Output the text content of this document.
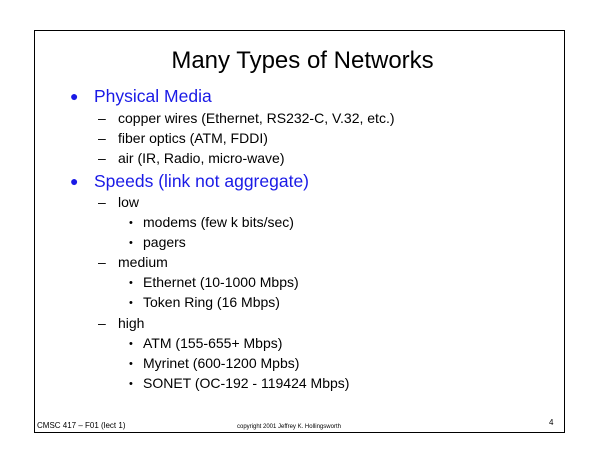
Many Types of Networks
● Physical Media
– copper wires (Ethernet, RS232-C, V.32, etc.)
– fiber optics (ATM, FDDI)
– air (IR, Radio, micro-wave)
● Speeds (link not aggregate)
– low
• modems (few k bits/sec)
• pagers
– medium
• Ethernet (10-1000 Mbps)
• Token Ring (16 Mbps)
– high
• ATM (155-655+ Mbps)
• Myrinet (600-1200 Mpbs)
• SONET (OC-192 - 119424 Mbps)
CMSC 417 – F01 (lect 1)	copyright 2001 Jeffrey K. Hollingsworth	4
